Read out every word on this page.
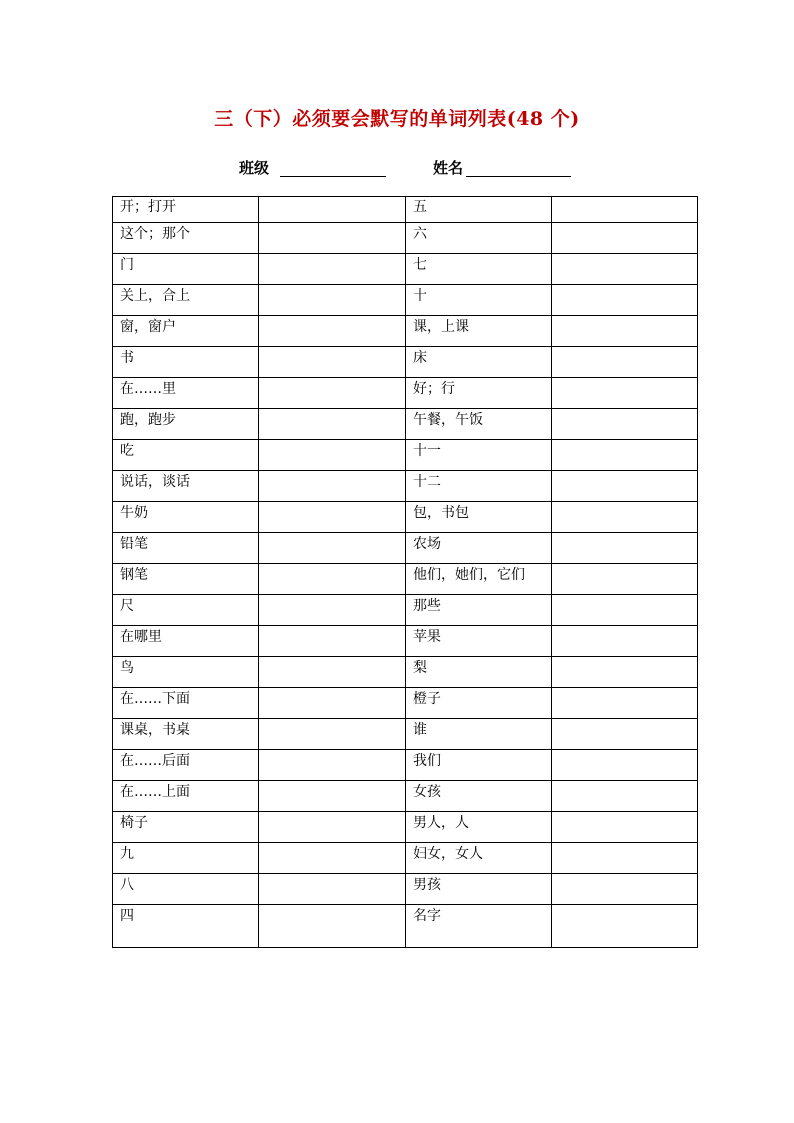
三（下）必须要会默写的单词列表(48 个)
班级	姓名
开；打开		五	
这个；那个		六	
门		七	
关上，合上		十	
窗，窗户		课，上课	
书		床	
在……里		好；行	
跑，跑步		午餐，午饭	
吃		十一	
说话，谈话		十二	
牛奶		包，书包	
铅笔		农场	
钢笔		他们，她们，它们	
尺		那些	
在哪里		苹果	
鸟		梨	
在……下面		橙子	
课桌，书桌		谁	
在……后面		我们	
在……上面		女孩	
椅子		男人，人	
九		妇女，女人	
八		男孩	
四		名字	
